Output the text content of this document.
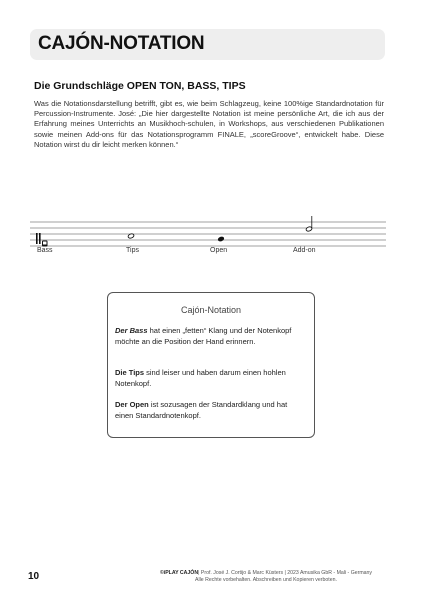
CAJÓN-NOTATION
Die Grundschläge OPEN TON, BASS, TIPS
Was die Notationsdarstellung betrifft, gibt es, wie beim Schlagzeug, keine 100%ige Standardnotation für Percussion-Instrumente. José: „Die hier dargestellte Notation ist meine persönliche Art, die ich aus der Erfahrung meines Unterrichts an Musikhoch-schulen, in Workshops, aus verschiedenen Publikationen sowie meinen Add-ons für das Notationsprogramm FINALE, „scoreGroove“, entwickelt habe. Diese Notation wirst du dir leicht merken können.“
Bass	Tips	Open	Add-on
Cajón-Notation

Der Bass hat einen „fetten“ Klang und der Notenkopf möchte an die Position der Hand erinnern.

Die Tips sind leiser und haben darum einen hohlen Notenkopf.

Der Open ist sozusagen der Standardklang und hat einen Standardnotenkopf.

10	©iPLAY CAJÓN| Prof. José J. Cortijo & Marc Küsters | 2023 Amusika GbR - Mali - Germany
Alle Rechte vorbehalten. Abschreiben und Kopieren verboten.
